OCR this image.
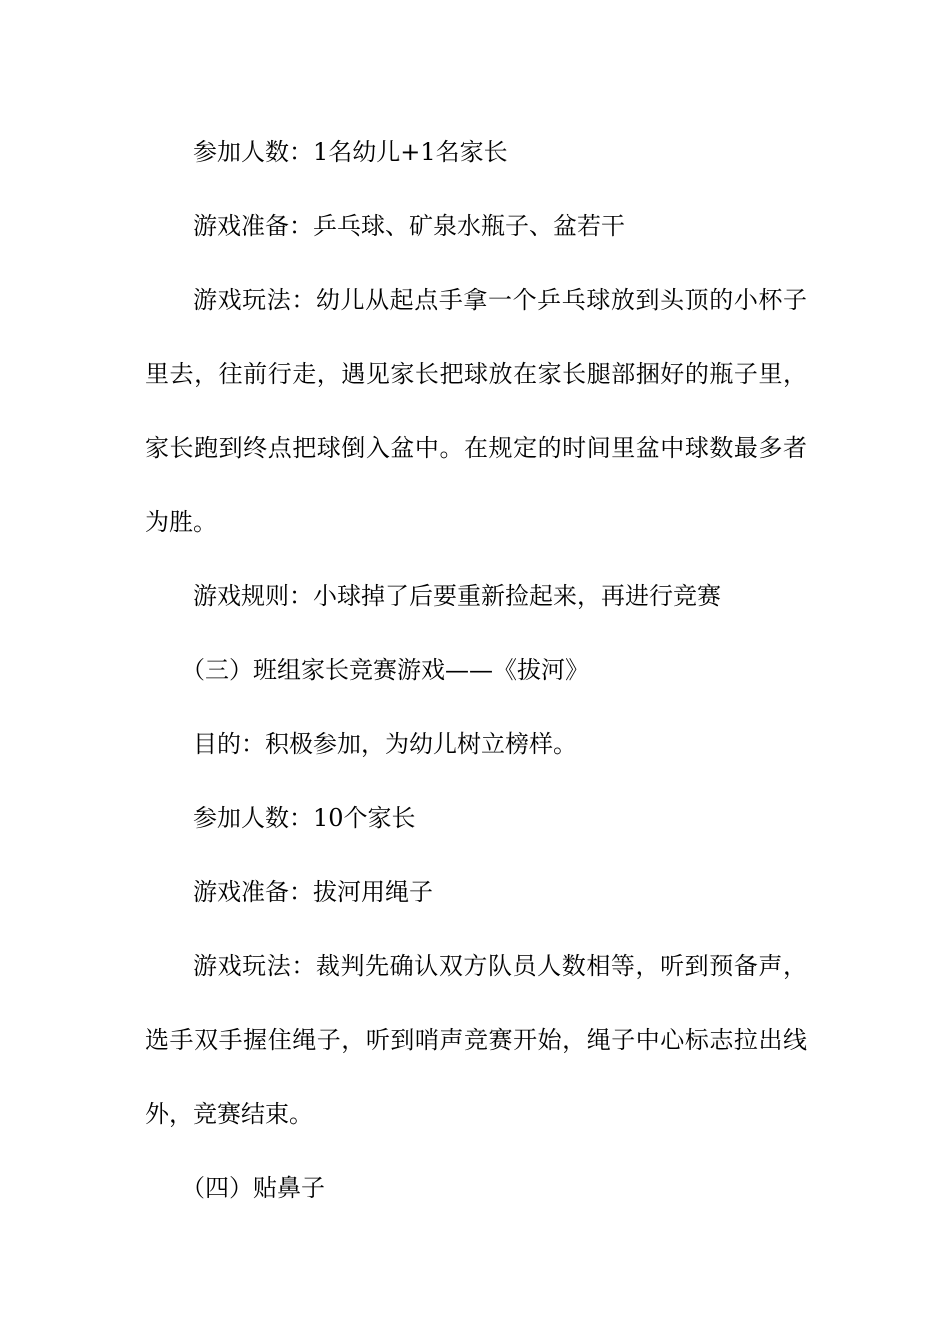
参加人数：1名幼儿+1名家长

游戏准备：乒乓球、矿泉水瓶子、盆若干

游戏玩法：幼儿从起点手拿一个乒乓球放到头顶的小杯子里去，往前行走，遇见家长把球放在家长腿部捆好的瓶子里，家长跑到终点把球倒入盆中。在规定的时间里盆中球数最多者为胜。

游戏规则：小球掉了后要重新捡起来，再进行竞赛

（三）班组家长竞赛游戏——《拔河》

目的：积极参加，为幼儿树立榜样。

参加人数：10个家长

游戏准备：拔河用绳子

游戏玩法：裁判先确认双方队员人数相等，听到预备声，选手双手握住绳子，听到哨声竞赛开始，绳子中心标志拉出线外，竞赛结束。

（四）贴鼻子
